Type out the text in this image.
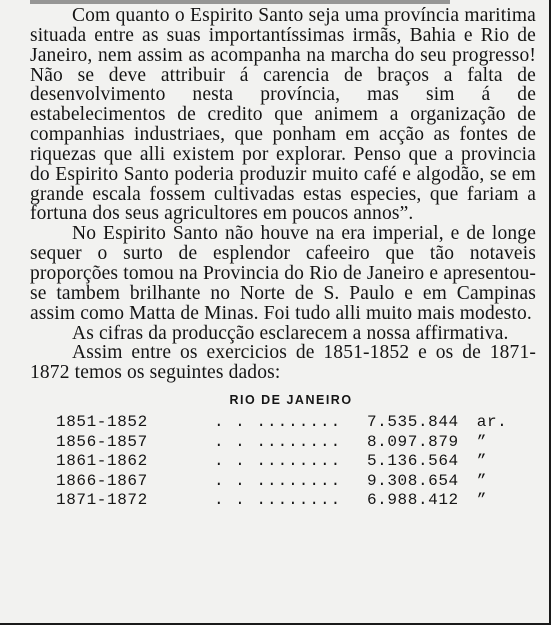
Com quanto o Espirito Santo seja uma província maritima situada entre as suas importantíssimas irmãs, Bahia e Rio de Janeiro, nem assim as acompanha na marcha do seu progresso! Não se deve attribuir á carencia de braços a falta de desenvolvimento nesta província, mas sim á de estabelecimentos de credito que animem a organização de companhias industriaes, que ponham em acção as fontes de riquezas que alli existem por explorar. Penso que a provincia do Espirito Santo poderia produzir muito café e algodão, se em grande escala fossem cultivadas estas especies, que fariam a fortuna dos seus agricultores em poucos annos”.

No Espirito Santo não houve na era imperial, e de longe sequer o surto de esplendor cafeeiro que tão notaveis proporções tomou na Provincia do Rio de Janeiro e apresentou-se tambem brilhante no Norte de S. Paulo e em Campinas assim como Matta de Minas. Foi tudo alli muito mais modesto.

As cifras da producção esclarecem a nossa affirmativa.

Assim entre os exercicios de 1851-1852 e os de 1871-1872 temos os seguintes dados:

RIO DE JANEIRO
1851-1852	. . ........	7.535.844	ar.
1856-1857	. . ........	8.097.879	”
1861-1862	. . ........	5.136.564	”
1866-1867	. . ........	9.308.654	”
1871-1872	. . ........	6.988.412	”
